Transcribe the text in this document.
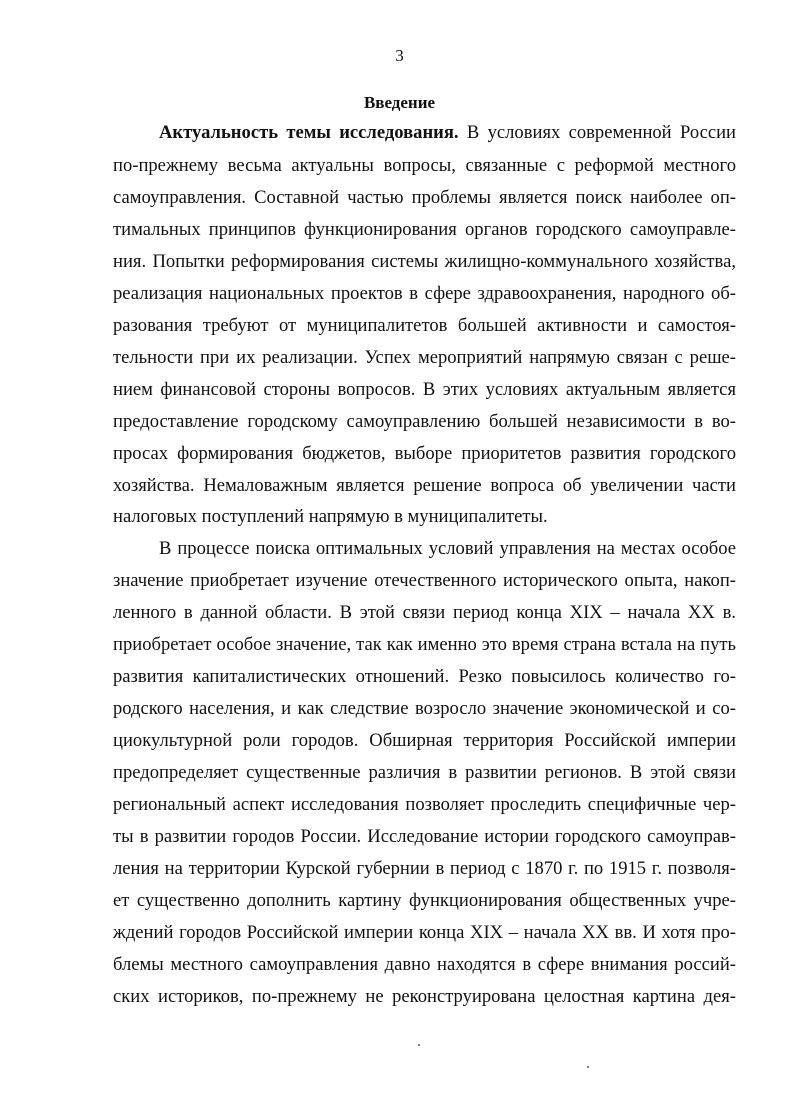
3
Введение
Актуальность темы исследования. В условиях современной России
по-прежнему весьма актуальны вопросы, связанные с реформой местного
самоуправления. Составной частью проблемы является поиск наиболее оп-
тимальных принципов функционирования органов городского самоуправле-
ния. Попытки реформирования системы жилищно-коммунального хозяйства,
реализация национальных проектов в сфере здравоохранения, народного об-
разования требуют от муниципалитетов большей активности и самостоя-
тельности при их реализации. Успех мероприятий напрямую связан с реше-
нием финансовой стороны вопросов. В этих условиях актуальным является
предоставление городскому самоуправлению большей независимости в во-
просах формирования бюджетов, выборе приоритетов развития городского
хозяйства. Немаловажным является решение вопроса об увеличении части
налоговых поступлений напрямую в муниципалитеты.
В процессе поиска оптимальных условий управления на местах особое
значение приобретает изучение отечественного исторического опыта, накоп-
ленного в данной области. В этой связи период конца XIX – начала XX в.
приобретает особое значение, так как именно это время страна встала на путь
развития капиталистических отношений. Резко повысилось количество го-
родского населения, и как следствие возросло значение экономической и со-
циокультурной роли городов. Обширная территория Российской империи
предопределяет существенные различия в развитии регионов. В этой связи
региональный аспект исследования позволяет проследить специфичные чер-
ты в развитии городов России. Исследование истории городского самоуправ-
ления на территории Курской губернии в период с 1870 г. по 1915 г. позволя-
ет существенно дополнить картину функционирования общественных учре-
ждений городов Российской империи конца XIX – начала XX вв. И хотя про-
блемы местного самоуправления давно находятся в сфере внимания россий-
ских историков, по-прежнему не реконструирована целостная картина дея-
